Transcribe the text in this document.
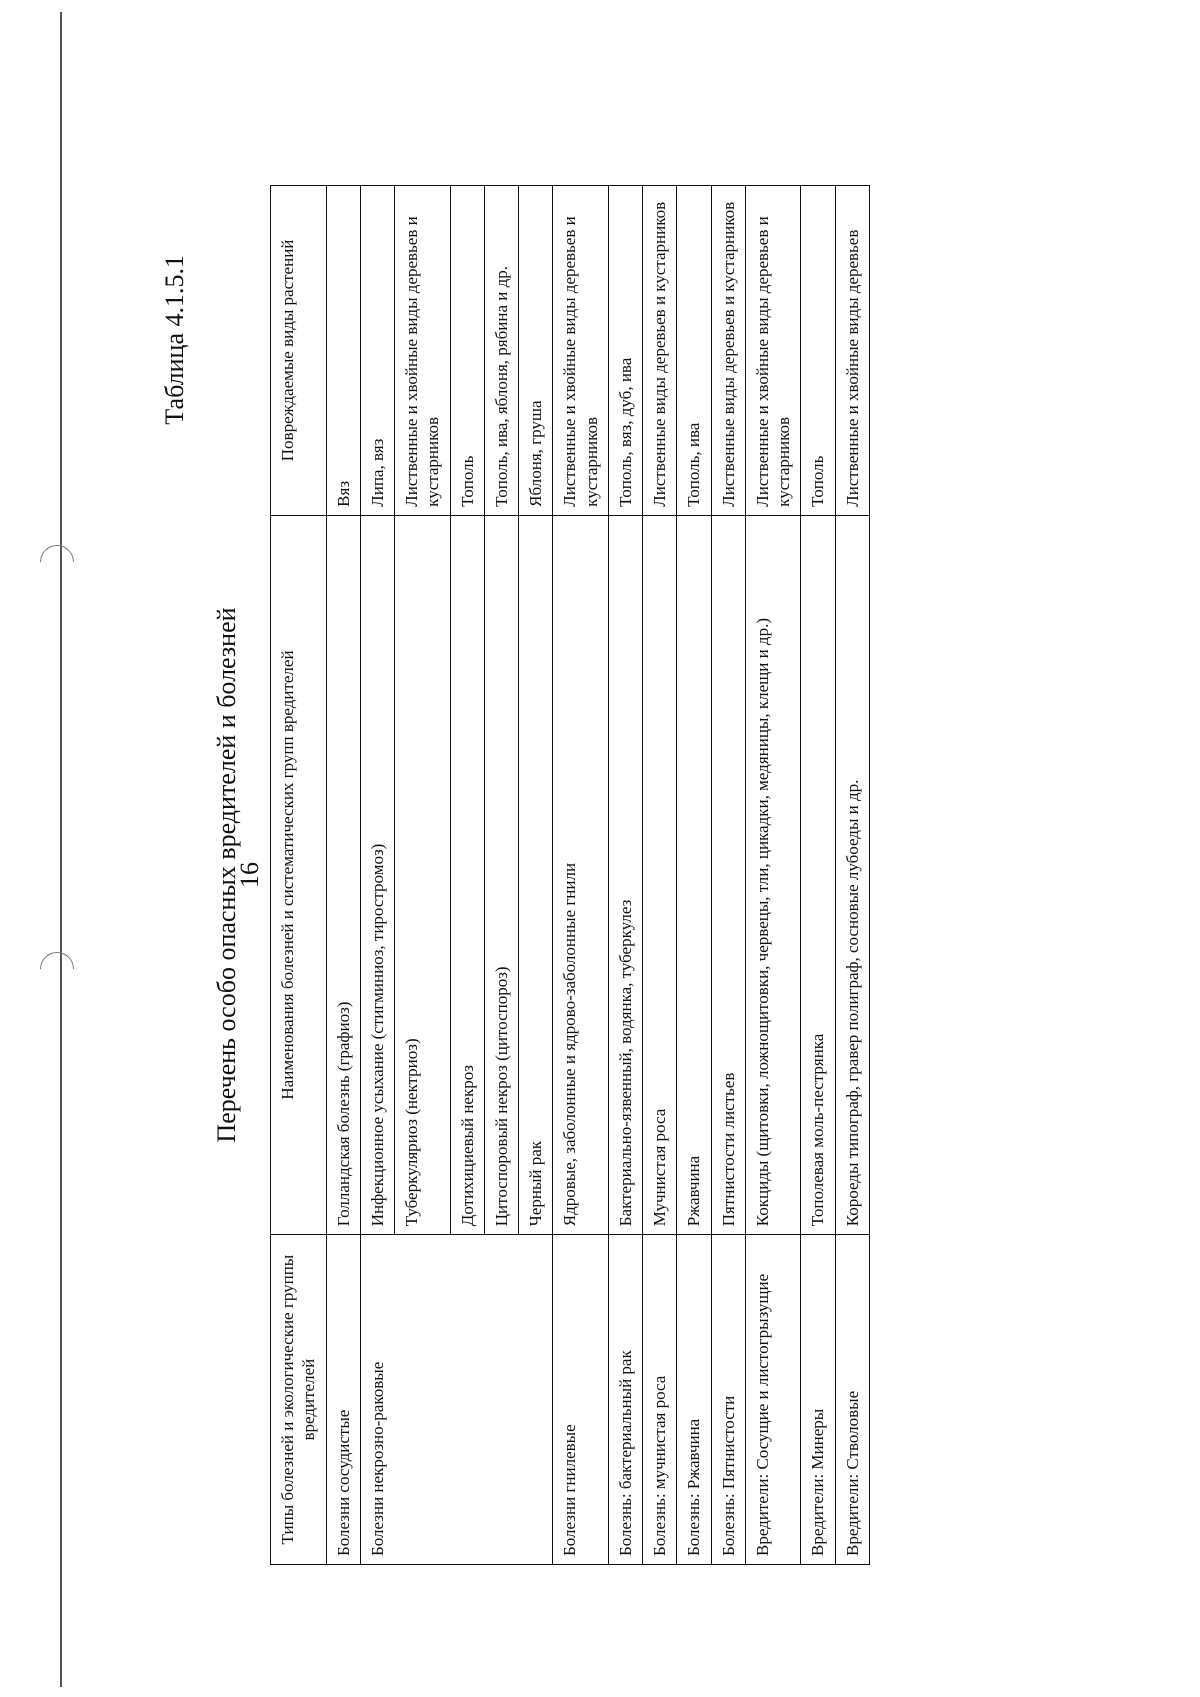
Таблица 4.1.5.1
16
Перечень особо опасных вредителей и болезней
Типы болезней и экологические группы вредителей	Наименования болезней и систематических групп вредителей	Повреждаемые виды растений
Болезни сосудистые	Голландская болезнь (графиоз)	Вяз
Болезни некрозно-раковые	Инфекционное усыхание (стигминиоз, тиростромоз)	Липа, вяз
	Туберкуляриоз (нектриоз)	Лиственные и хвойные виды деревьев и кустарников
	Дотихициевый некроз	Тополь
	Цитоспоровый некроз (цитоспороз)	Тополь, ива, яблоня, рябина и др.
	Черный рак	Яблоня, груша
Болезни гнилевые	Ядровые, заболонные и ядрово-заболонные гнили	Лиственные и хвойные виды деревьев и кустарников
Болезнь: бактериальный рак	Бактериально-язвенный, водянка, туберкулез	Тополь, вяз, дуб, ива
Болезнь: мучнистая роса	Мучнистая роса	Лиственные виды деревьев и кустарников
Болезнь: Ржавчина	Ржавчина	Тополь, ива
Болезнь: Пятнистости	Пятнистости листьев	Лиственные виды деревьев и кустарников
Вредители: Сосущие и листогрызущие	Кокциды (щитовки, ложнощитовки, червецы, тли, цикадки, медяницы, клещи и др.)	Лиственные и хвойные виды деревьев и кустарников
Вредители: Минеры	Тополевая моль-пестрянка	Тополь
Вредители: Стволовые	Короеды типограф, гравер полиграф, сосновые лубоеды и др.	Лиственные и хвойные виды деревьев
